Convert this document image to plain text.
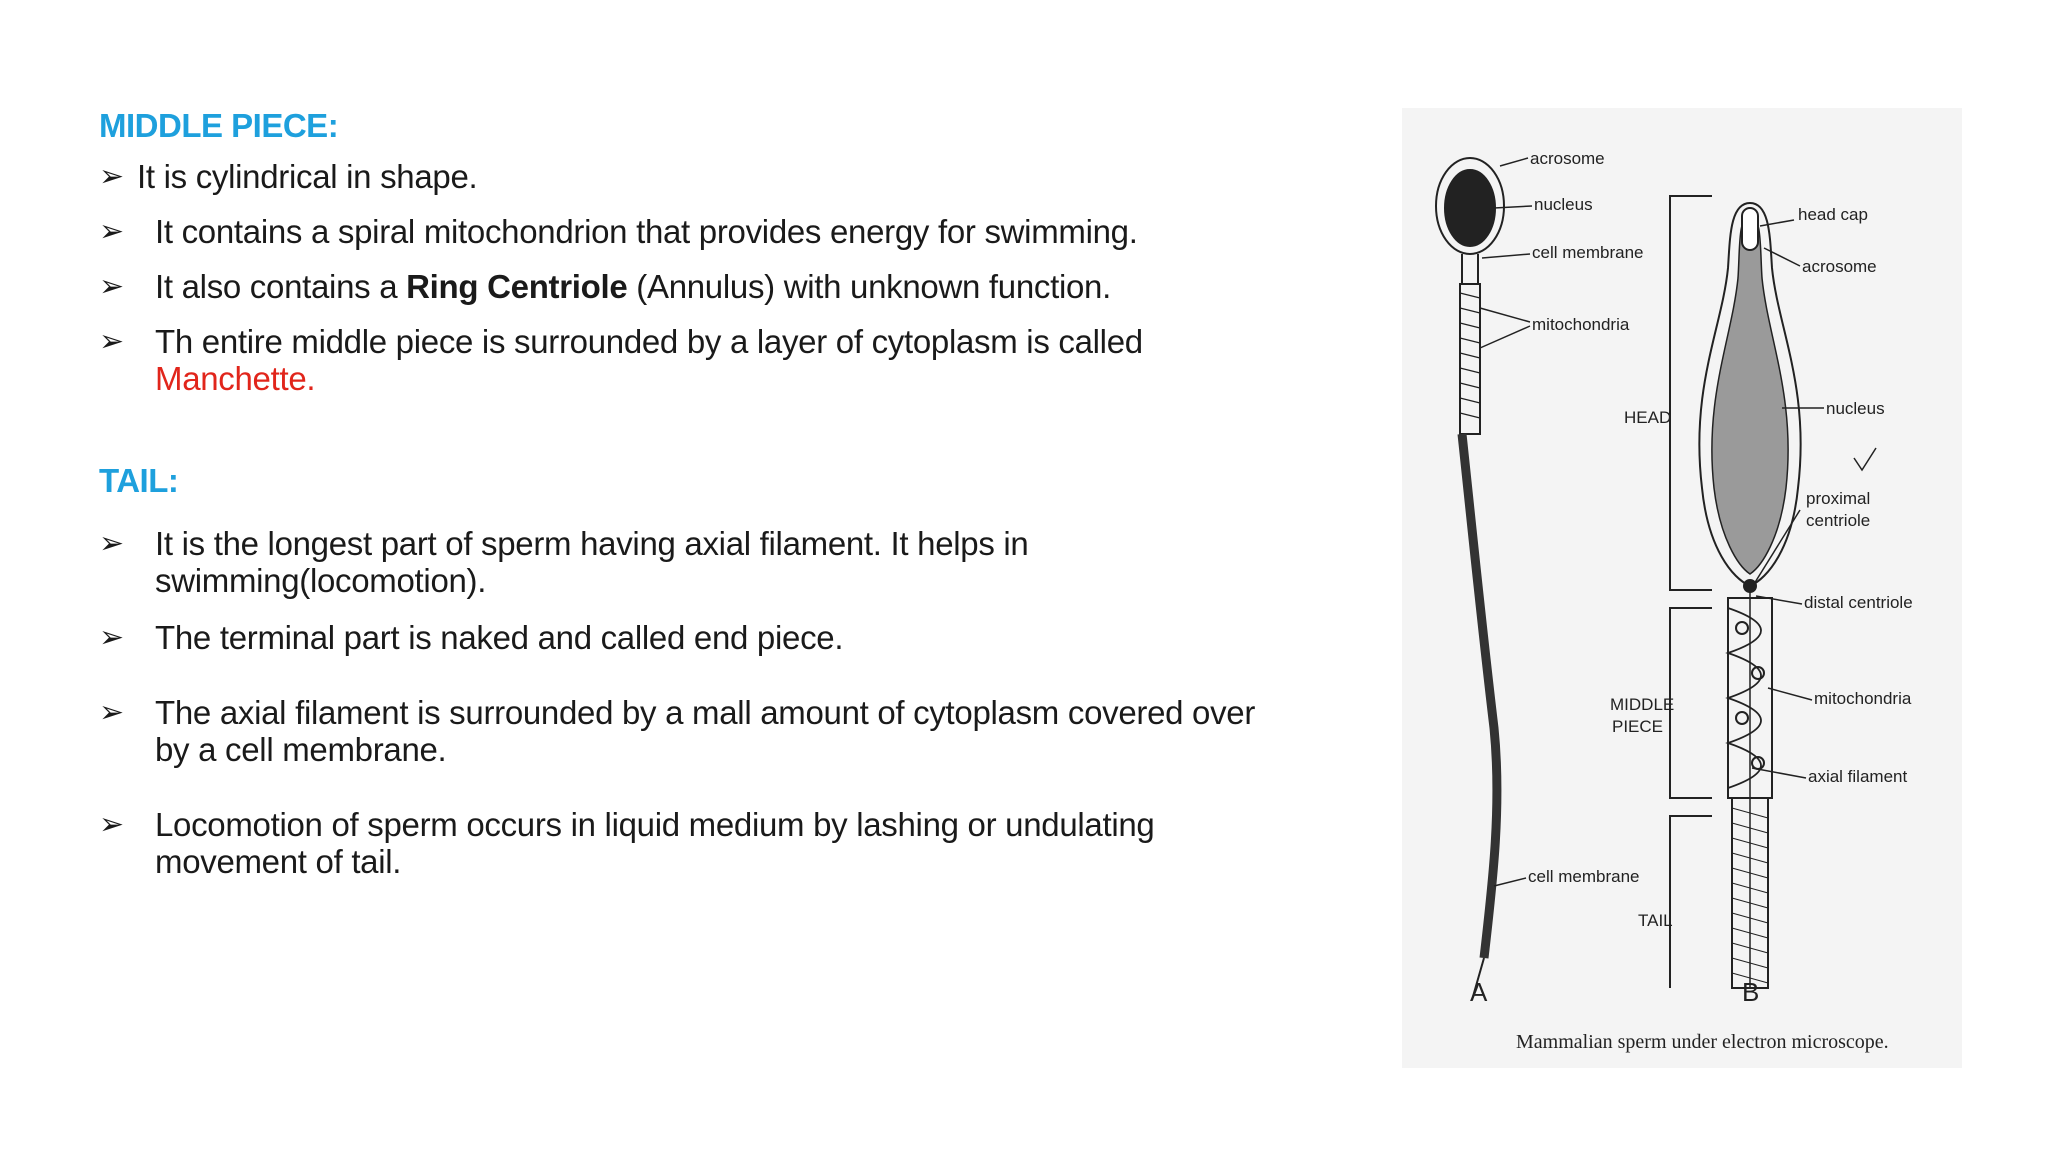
MIDDLE PIECE:
➢ It is cylindrical in shape.
➢ It contains a spiral mitochondrion that provides energy for swimming.
➢ It also contains a Ring Centriole (Annulus) with unknown function.
➢ Th entire middle piece is surrounded by a layer of cytoplasm is called
Manchette.
TAIL:
➢ It is the longest part of sperm having axial filament. It helps in
swimming(locomotion).
➢ The terminal part is naked and called end piece.
➢ The axial filament is surrounded by a mall amount of cytoplasm covered over
by a cell membrane.
➢ Locomotion of sperm occurs in liquid medium by lashing or undulating
movement of tail.
acrosome
nucleus
cell membrane
mitochondria
cell membrane
A
HEAD
MIDDLE
PIECE
TAIL
head cap
acrosome
nucleus
proximal
centriole
distal centriole
mitochondria
axial filament
B
Mammalian sperm under electron microscope.
